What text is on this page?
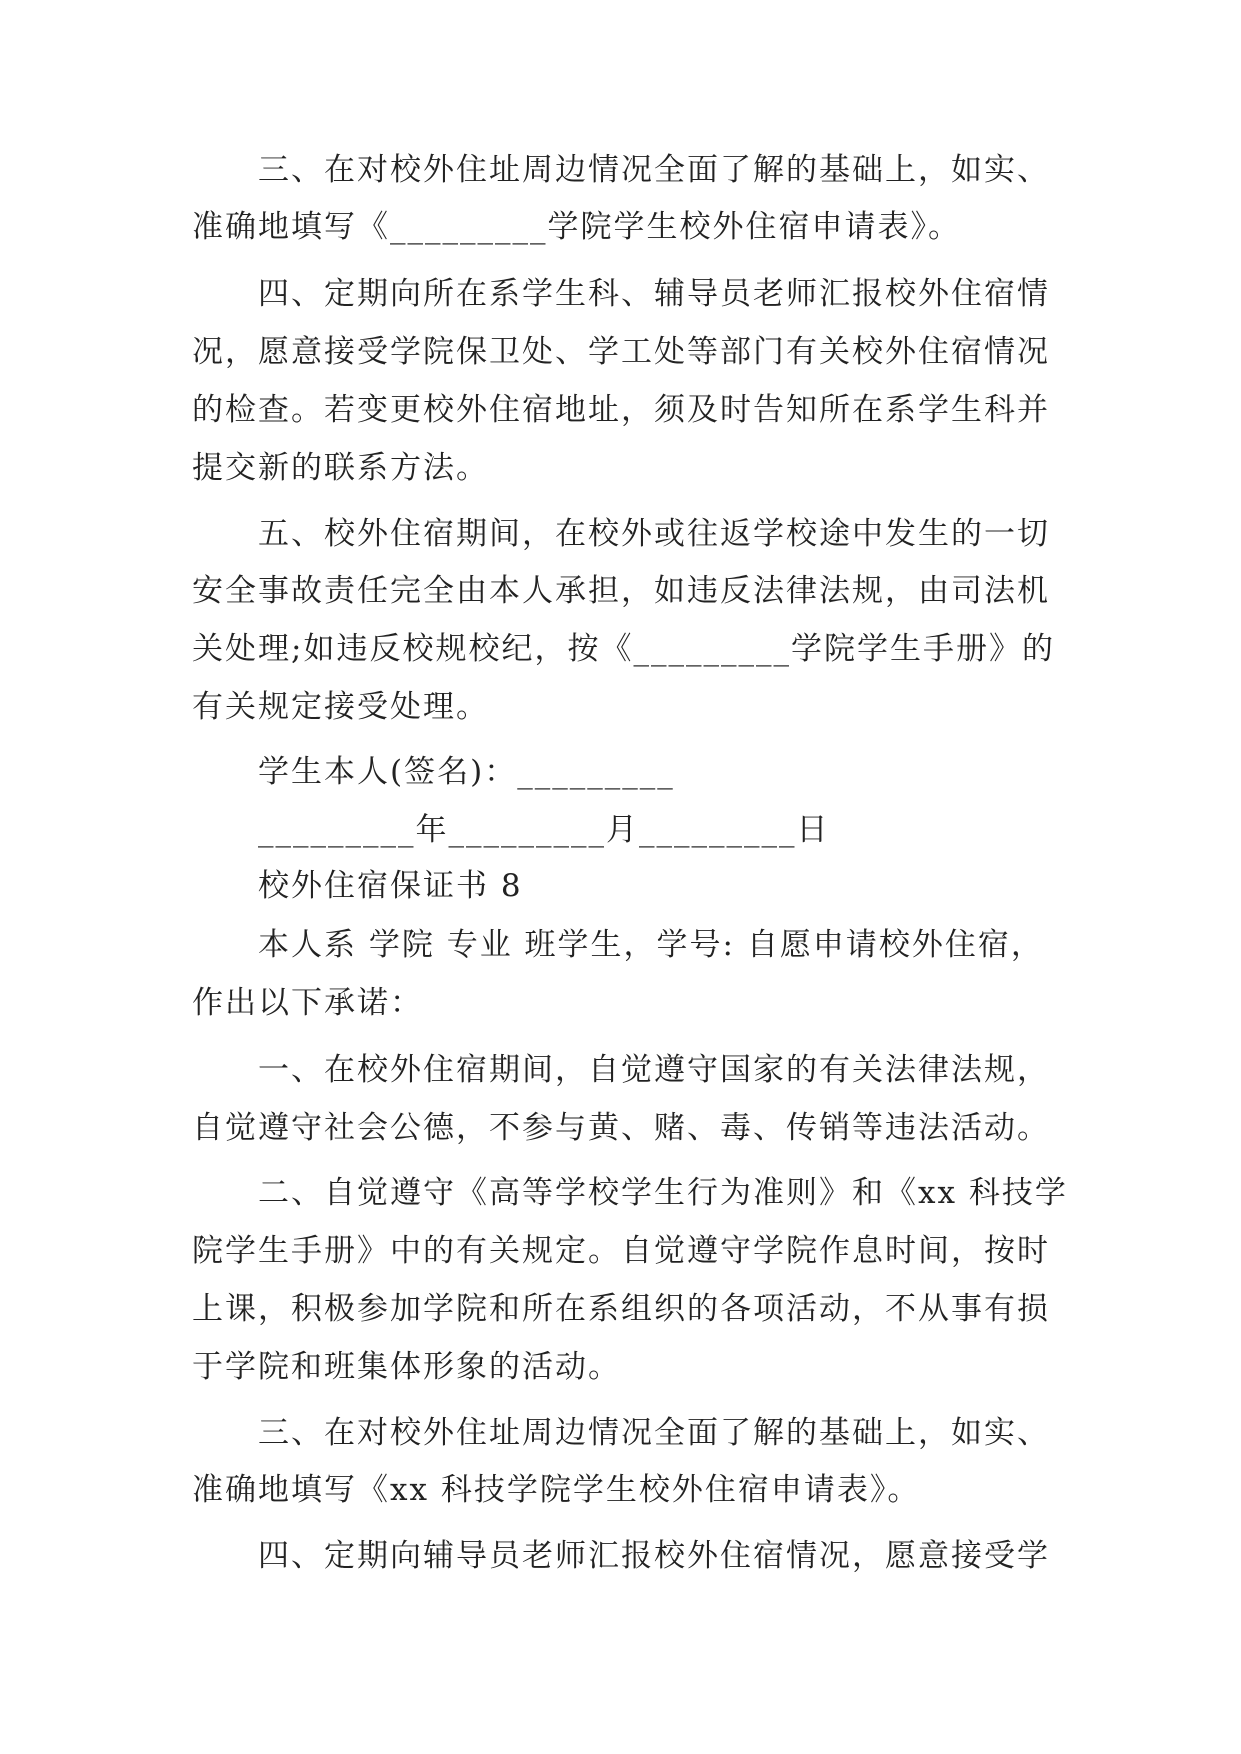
三、在对校外住址周边情况全面了解的基础上，如实、
准确地填写《_________学院学生校外住宿申请表》。
四、定期向所在系学生科、辅导员老师汇报校外住宿情
况，愿意接受学院保卫处、学工处等部门有关校外住宿情况
的检查。若变更校外住宿地址，须及时告知所在系学生科并
提交新的联系方法。
五、校外住宿期间，在校外或往返学校途中发生的一切
安全事故责任完全由本人承担，如违反法律法规，由司法机
关处理;如违反校规校纪，按《_________学院学生手册》的
有关规定接受处理。
学生本人(签名)：_________
_________年_________月_________日
校外住宿保证书 8
本人系 学院 专业 班学生，学号: 自愿申请校外住宿，
作出以下承诺：
一、在校外住宿期间，自觉遵守国家的有关法律法规，
自觉遵守社会公德，不参与黄、赌、毒、传销等违法活动。
二、自觉遵守《高等学校学生行为准则》和《xx 科技学
院学生手册》中的有关规定。自觉遵守学院作息时间，按时
上课，积极参加学院和所在系组织的各项活动，不从事有损
于学院和班集体形象的活动。
三、在对校外住址周边情况全面了解的基础上，如实、
准确地填写《xx 科技学院学生校外住宿申请表》。
四、定期向辅导员老师汇报校外住宿情况，愿意接受学
